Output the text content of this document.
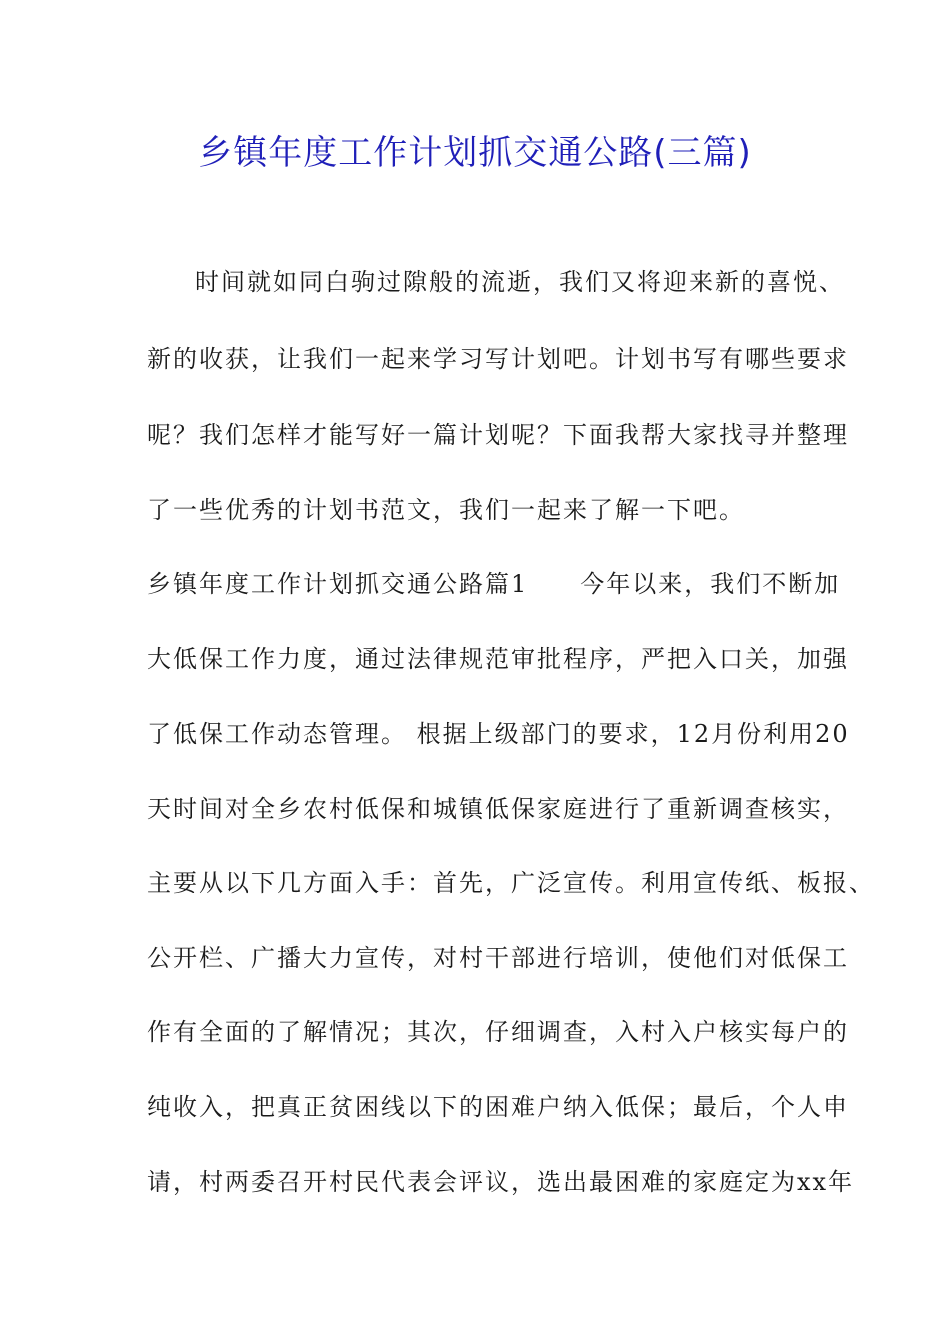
乡镇年度工作计划抓交通公路(三篇)
时间就如同白驹过隙般的流逝，我们又将迎来新的喜悦、
新的收获，让我们一起来学习写计划吧。计划书写有哪些要求
呢？我们怎样才能写好一篇计划呢？下面我帮大家找寻并整理
了一些优秀的计划书范文，我们一起来了解一下吧。
乡镇年度工作计划抓交通公路篇1　　今年以来，我们不断加
大低保工作力度，通过法律规范审批程序，严把入口关，加强
了低保工作动态管理。 根据上级部门的要求，12月份利用20
天时间对全乡农村低保和城镇低保家庭进行了重新调查核实，
主要从以下几方面入手：首先，广泛宣传。利用宣传纸、板报、
公开栏、广播大力宣传，对村干部进行培训，使他们对低保工
作有全面的了解情况；其次，仔细调查，入村入户核实每户的
纯收入，把真正贫困线以下的困难户纳入低保；最后，个人申
请，村两委召开村民代表会评议，选出最困难的家庭定为xx年
